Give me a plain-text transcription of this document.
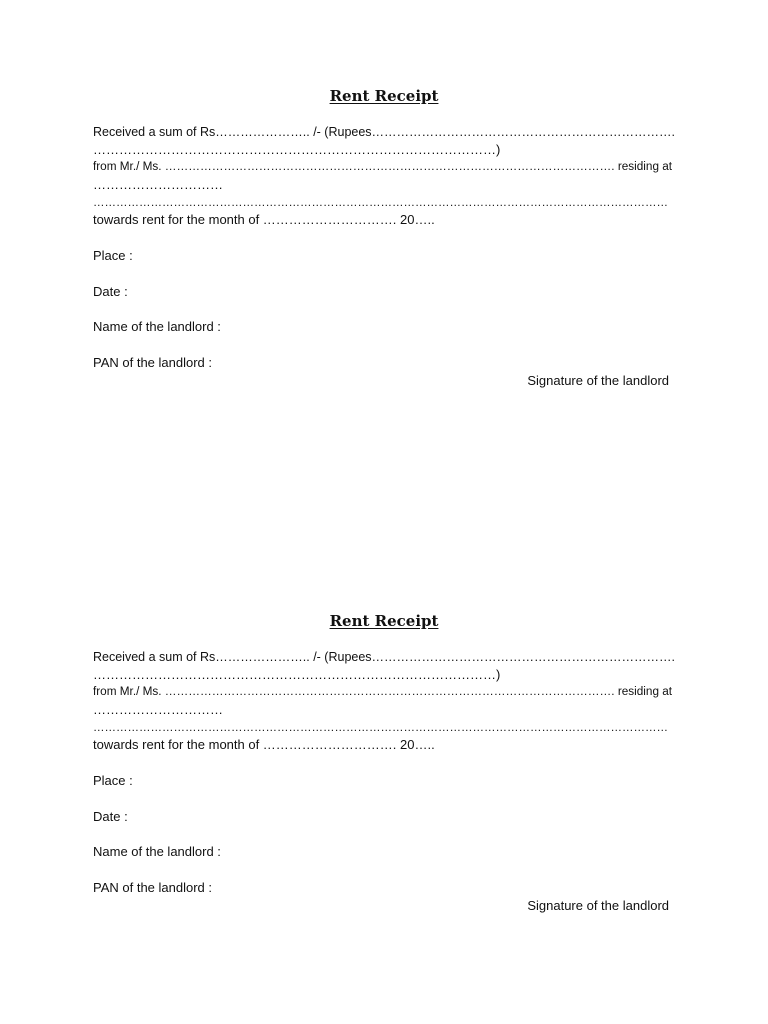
Rent Receipt
Received a sum of Rs………………….. /- (Rupees……………………………………………………………….
…………………………………………………………………………………)
from Mr./ Ms. ……………………………………………………………………………………………………. residing at
…………………………
……………………………………………………………………………………………………………………………………
towards rent for the month of …………………………. 20…..
Place :
Date :
Name of the landlord :
PAN of the landlord :
Signature of the landlord
Rent Receipt
Received a sum of Rs………………….. /- (Rupees……………………………………………………………….
…………………………………………………………………………………)
from Mr./ Ms. ……………………………………………………………………………………………………. residing at
…………………………
……………………………………………………………………………………………………………………………………
towards rent for the month of …………………………. 20…..
Place :
Date :
Name of the landlord :
PAN of the landlord :
Signature of the landlord
